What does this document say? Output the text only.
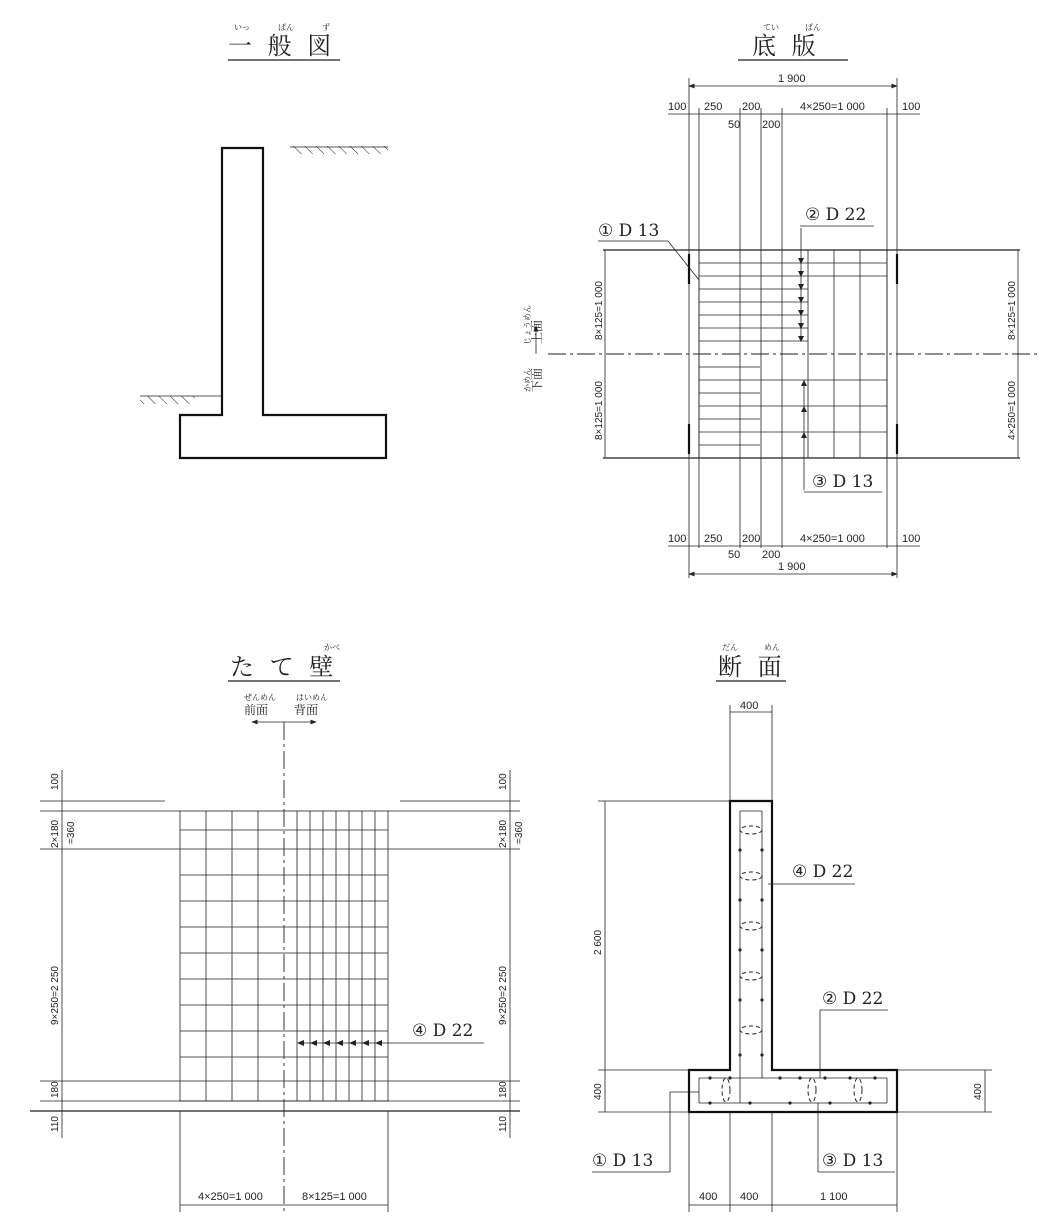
いっ	ぱん	ず
一 般 図
てい	ばん
底 版
1 900
100 250 200	4×250=1 000	100
50 200
① D 13
② D 22
③ D 13
8×125=1 000
8×125=1 000
8×125=1 000
4×250=1 000
上面
じょうめん
下面
かめん
100 250 200	4×250=1 000	100
50 200
1 900
かべ
た て 壁
ぜんめん
前面
はいめん
背面
④ D 22
100
2×180 =360
9×250=2 250
180
110
100
2×180 =360
9×250=2 250
180
110
4×250=1 000	8×125=1 000
だん	めん
断 面
400
2 600
400	400
④ D 22
② D 22
① D 13	③ D 13
400 400	1 100
